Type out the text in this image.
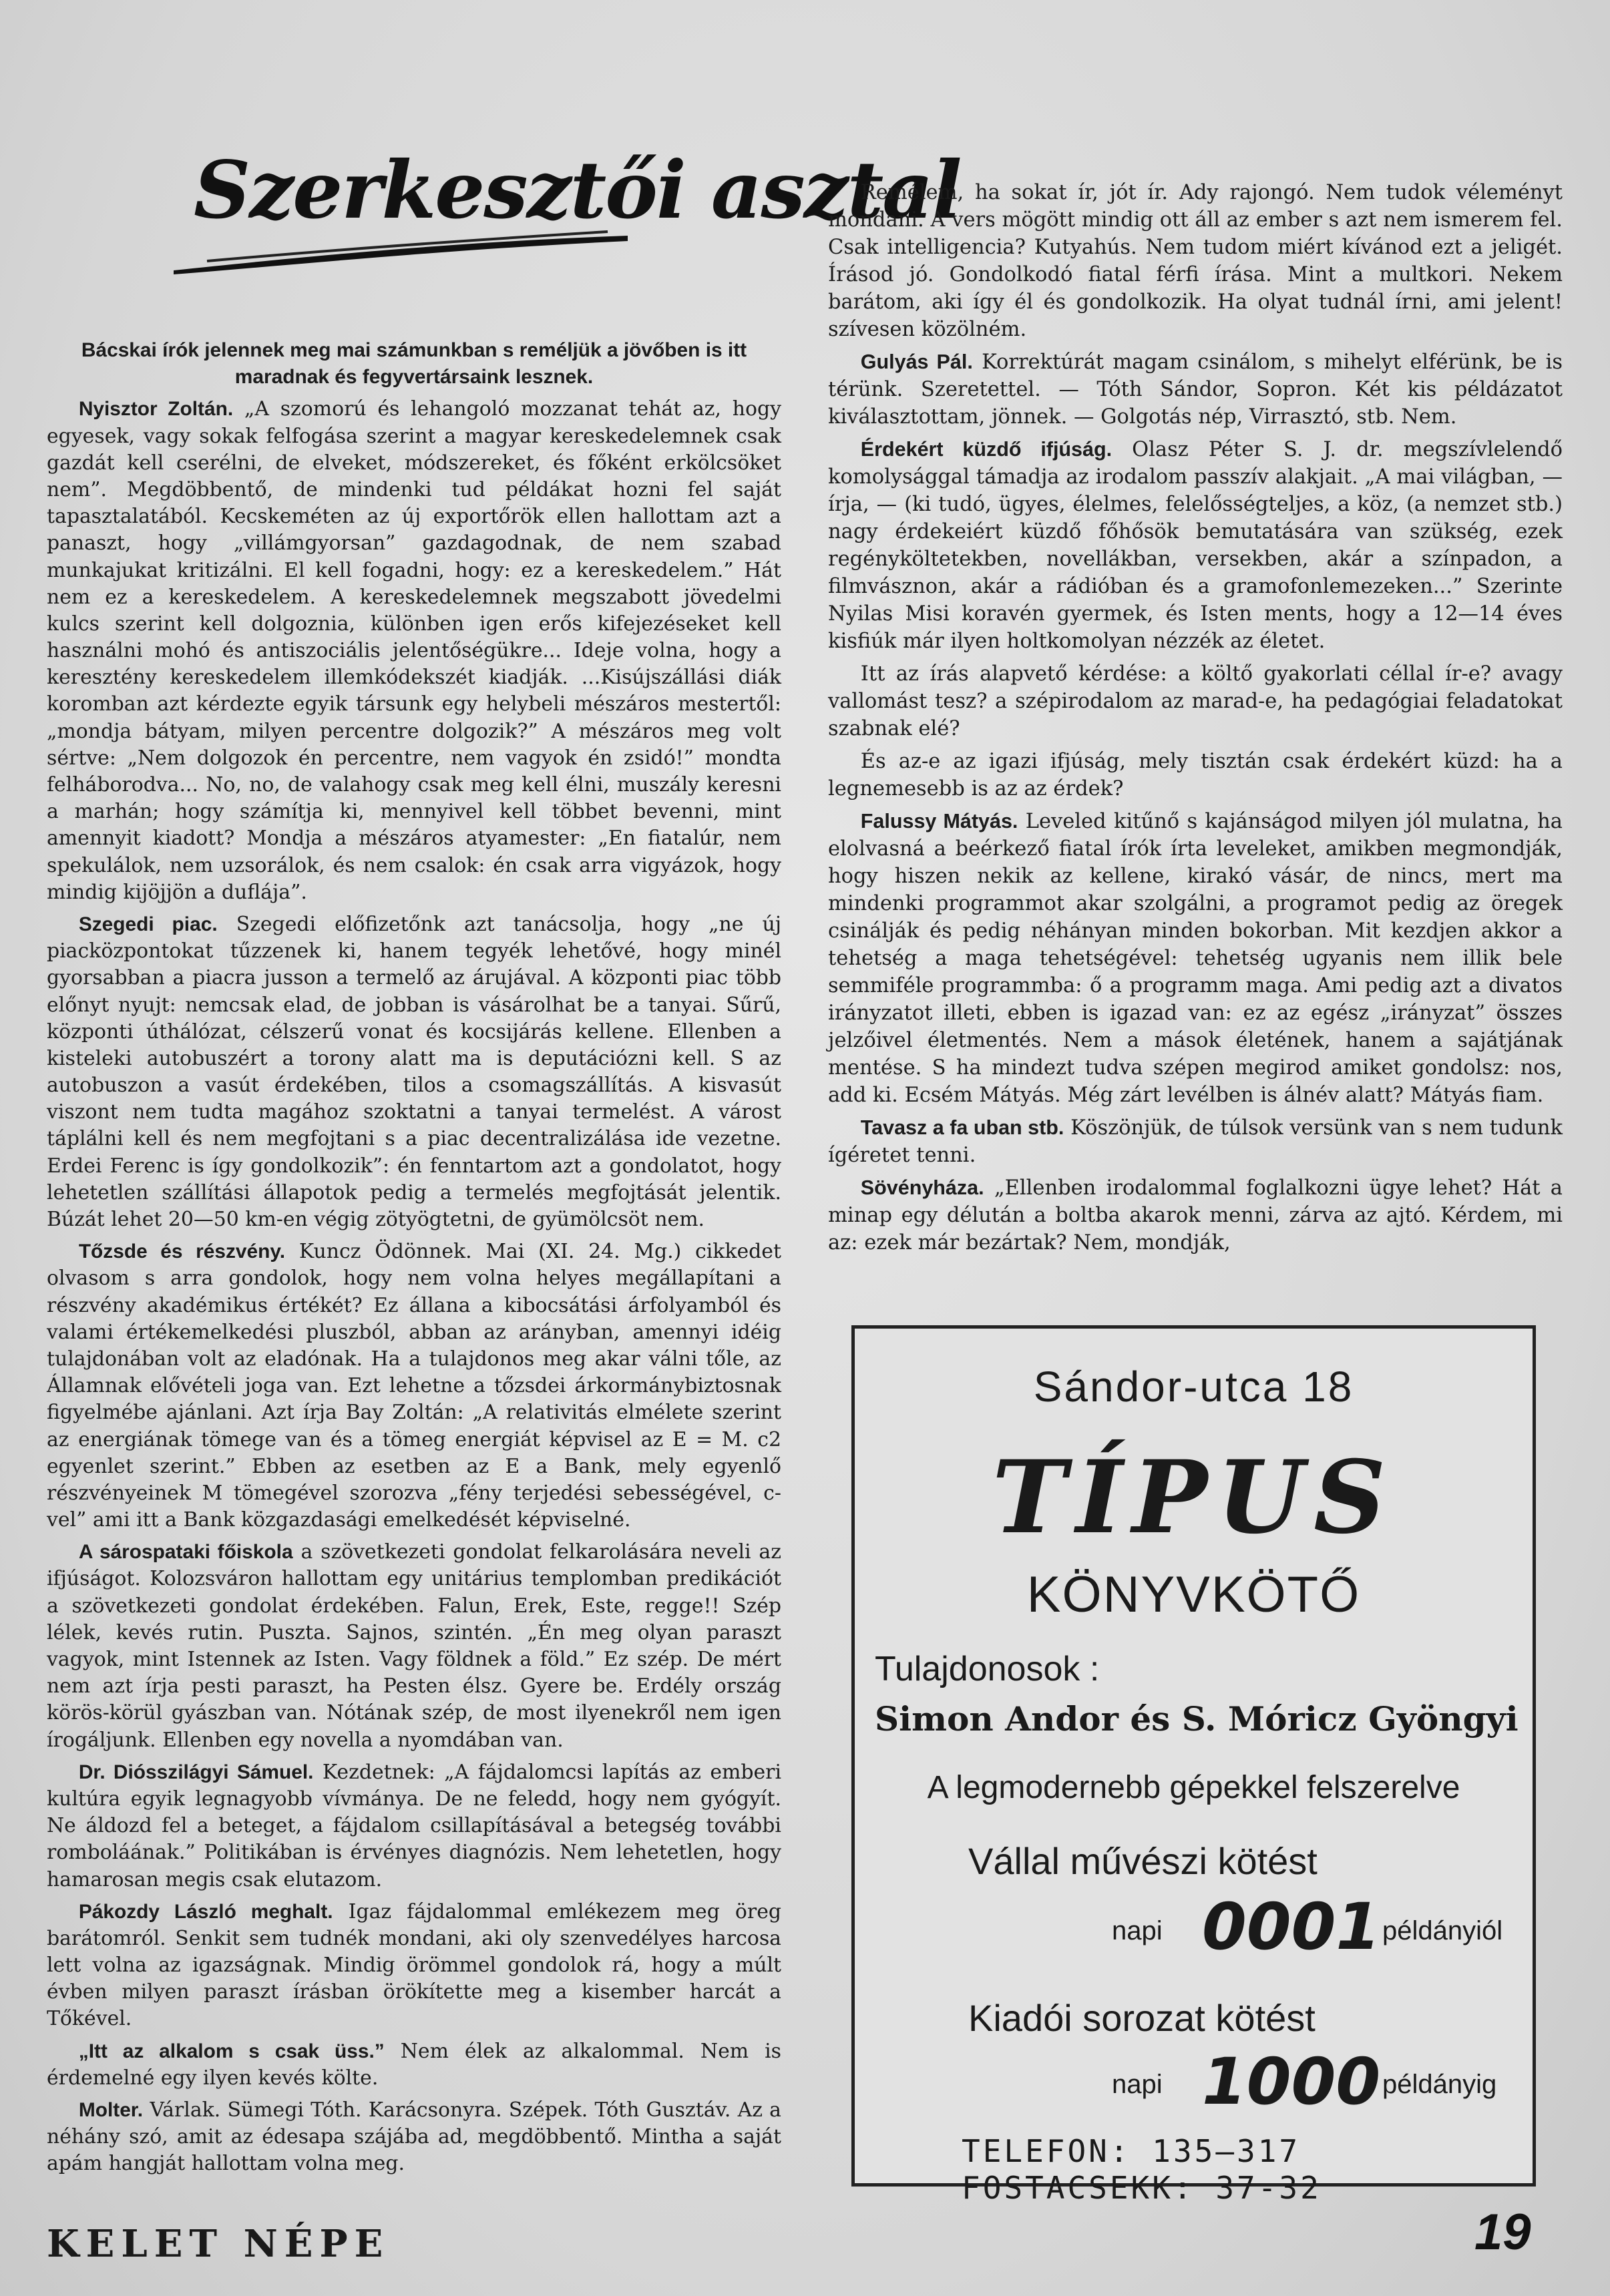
Szerkesztői asztal

Bácskai írók jelennek meg mai számunkban s reméljük a jövőben is itt maradnak és fegyvertársaink lesznek.

Nyisztor Zoltán. „A szomorú és lehangoló mozzanat tehát az, hogy egyesek, vagy sokak felfogása szerint a magyar kereskedelemnek csak gazdát kell cserélni, de elveket, módszereket, és főként erkölcsöket nem”. Megdöbbentő, de mindenki tud példákat hozni fel saját tapasztalatából. Kecskeméten az új exportőrök ellen hallottam azt a panaszt, hogy „villámgyorsan” gazdagodnak, de nem szabad munkajukat kritizálni. El kell fogadni, hogy: ez a kereskedelem.” Hát nem ez a kereskedelem. A kereskedelemnek megszabott jövedelmi kulcs szerint kell dolgoznia, különben igen erős kifejezéseket kell használni mohó és antiszociális jelentőségükre... Ideje volna, hogy a keresztény kereskedelem illemkódekszét kiadják. ...Kisújszállási diák koromban azt kérdezte egyik társunk egy helybeli mészáros mestertől: „mondja bátyam, milyen percentre dolgozik?” A mészáros meg volt sértve: „Nem dolgozok én percentre, nem vagyok én zsidó!” mondta felháborodva... No, no, de valahogy csak meg kell élni, muszály keresni a marhán; hogy számítja ki, mennyivel kell többet bevenni, mint amennyit kiadott? Mondja a mészáros atyamester: „En fiatalúr, nem spekulálok, nem uzsorálok, és nem csalok: én csak arra vigyázok, hogy mindig kijöjjön a duflája”.

Szegedi piac. Szegedi előfizetőnk azt tanácsolja, hogy „ne új piacközpontokat tűzzenek ki, hanem tegyék lehetővé, hogy minél gyorsabban a piacra jusson a termelő az árujával. A központi piac több előnyt nyujt: nemcsak elad, de jobban is vásárolhat be a tanyai. Sűrű, központi úthálózat, célszerű vonat és kocsijárás kellene. Ellenben a kisteleki autobuszért a torony alatt ma is deputációzni kell. S az autobuszon a vasút érdekében, tilos a csomagszállítás. A kisvasút viszont nem tudta magához szoktatni a tanyai termelést. A várost táplálni kell és nem megfojtani s a piac decentralizálása ide vezetne. Erdei Ferenc is így gondolkozik”: én fenntartom azt a gondolatot, hogy lehetetlen szállítási állapotok pedig a termelés megfojtását jelentik. Búzát lehet 20—50 km-en végig zötyögtetni, de gyümölcsöt nem.

Tőzsde és részvény. Kuncz Ödönnek. Mai (XI. 24. Mg.) cikkedet olvasom s arra gondolok, hogy nem volna helyes megállapítani a részvény akadémikus értékét? Ez állana a kibocsátási árfolyamból és valami értékemelkedési pluszból, abban az arányban, amennyi idéig tulajdonában volt az eladónak. Ha a tulajdonos meg akar válni tőle, az Államnak elővételi joga van. Ezt lehetne a tőzsdei árkormánybiztosnak figyelmébe ajánlani. Azt írja Bay Zoltán: „A relativitás elmélete szerint az energiának tömege van és a tömeg energiát képvisel az E = M. c2 egyenlet szerint.” Ebben az esetben az E a Bank, mely egyenlő részvényeinek M tömegével szorozva „fény terjedési sebességével, c-vel” ami itt a Bank közgazdasági emelkedését képviselné.

A sárospataki főiskola a szövetkezeti gondolat felkarolására neveli az ifjúságot. Kolozsváron hallottam egy unitárius templomban predikációt a szövetkezeti gondolat érdekében. Falun, Erek, Este, regge!! Szép lélek, kevés rutin. Puszta. Sajnos, szintén. „Én meg olyan paraszt vagyok, mint Istennek az Isten. Vagy földnek a föld.” Ez szép. De mért nem azt írja pesti paraszt, ha Pesten élsz. Gyere be. Erdély ország körös-körül gyászban van. Nótának szép, de most ilyenekről nem igen írogáljunk. Ellenben egy novella a nyomdában van.

Dr. Diósszilágyi Sámuel. Kezdetnek: „A fájdalomcsi lapítás az emberi kultúra egyik legnagyobb vívmánya. De ne feledd, hogy nem gyógyít. Ne áldozd fel a beteget, a fájdalom csillapításával a betegség további romboláának.” Politikában is érvényes diagnózis. Nem lehetetlen, hogy hamarosan megis csak elutazom.

Pákozdy László meghalt. Igaz fájdalommal emlékezem meg öreg barátomról. Senkit sem tudnék mondani, aki oly szenvedélyes harcosa lett volna az igazságnak. Mindig örömmel gondolok rá, hogy a múlt évben milyen paraszt írásban örökítette meg a kisember harcát a Tőkével.

„Itt az alkalom s csak üss.” Nem élek az alkalommal. Nem is érdemelné egy ilyen kevés költe.

Molter. Várlak. Sümegi Tóth. Karácsonyra. Szépek. Tóth Gusztáv. Az a néhány szó, amit az édesapa szájába ad, megdöbbentő. Mintha a saját apám hangját hallottam volna meg.

Remélem, ha sokat ír, jót ír. Ady rajongó. Nem tudok véleményt mondani. A vers mögött mindig ott áll az ember s azt nem ismerem fel. Csak intelligencia? Kutyahús. Nem tudom miért kívánod ezt a jeligét. Írásod jó. Gondolkodó fiatal férfi írása. Mint a multkori. Nekem barátom, aki így él és gondolkozik. Ha olyat tudnál írni, ami jelent! szívesen közölném.

Gulyás Pál. Korrektúrát magam csinálom, s mihelyt elférünk, be is térünk. Szeretettel. — Tóth Sándor, Sopron. Két kis példázatot kiválasztottam, jönnek. — Golgotás nép, Virrasztó, stb. Nem.

Érdekért küzdő ifjúság. Olasz Péter S. J. dr. megszívlelendő komolysággal támadja az irodalom passzív alakjait. „A mai világban, — írja, — (ki tudó, ügyes, élelmes, felelősségteljes, a köz, (a nemzet stb.) nagy érdekeiért küzdő főhősök bemutatására van szükség, ezek regényköltetekben, novellákban, versekben, akár a színpadon, a filmvásznon, akár a rádióban és a gramofonlemezeken...” Szerinte Nyilas Misi koravén gyermek, és Isten ments, hogy a 12—14 éves kisfiúk már ilyen holtkomolyan nézzék az életet.

Itt az írás alapvető kérdése: a költő gyakorlati céllal ír-e? avagy vallomást tesz? a szépirodalom az marad-e, ha pedagógiai feladatokat szabnak elé?

És az-e az igazi ifjúság, mely tisztán csak érdekért küzd: ha a legnemesebb is az az érdek?

Falussy Mátyás. Leveled kitűnő s kajánságod milyen jól mulatna, ha elolvasná a beérkező fiatal írók írta leveleket, amikben megmondják, hogy hiszen nekik az kellene, kirakó vásár, de nincs, mert ma mindenki programmot akar szolgálni, a programot pedig az öregek csinálják és pedig néhányan minden bokorban. Mit kezdjen akkor a tehetség a maga tehetségével: tehetség ugyanis nem illik bele semmiféle programmba: ő a programm maga. Ami pedig azt a divatos irányzatot illeti, ebben is igazad van: ez az egész „irányzat” összes jelzőivel életmentés. Nem a mások életének, hanem a sajátjának mentése. S ha mindezt tudva szépen megirod amiket gondolsz: nos, add ki. Ecsém Mátyás. Még zárt levélben is álnév alatt? Mátyás fiam.

Tavasz a fa uban stb. Köszönjük, de túlsok versünk van s nem tudunk ígéretet tenni.

Sövényháza. „Ellenben irodalommal foglalkozni ügye lehet? Hát a minap egy délután a boltba akarok menni, zárva az ajtó. Kérdem, mi az: ezek már bezártak? Nem, mondják,

Sándor-utca 18
TÍPUS
KÖNYVKÖTŐ
Tulajdonosok :
Simon Andor és S. Móricz Gyöngyi
A legmodernebb gépekkel felszerelve
Vállal művészi kötést
napi 0001 példányiól
Kiadói sorozat kötést
napi 1000 példányig
TELEFON: 135—317
FOSTACSEKK: 37-32
KELET NÉPE	19
